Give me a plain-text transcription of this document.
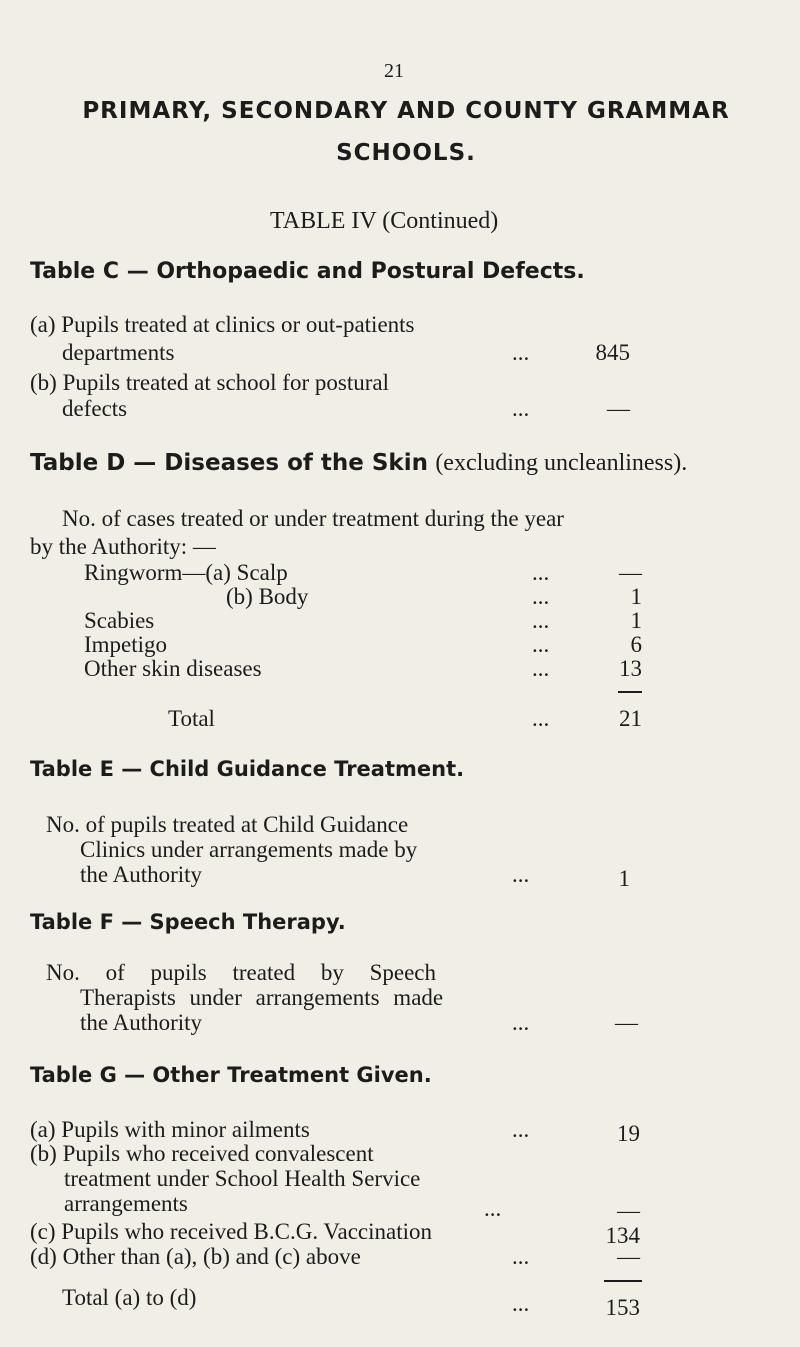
21
PRIMARY, SECONDARY AND COUNTY GRAMMAR
SCHOOLS.
TABLE IV (Continued)
Table C — Orthopaedic and Postural Defects.
(a) Pupils treated at clinics or out-patients
departments	...	845
(b) Pupils treated at school for postural
defects	...	—
Table D — Diseases of the Skin (excluding uncleanliness).
No. of cases treated or under treatment during the year
by the Authority: —
Ringworm—(a) Scalp	...	—
(b) Body	...	1
Scabies	...	1
Impetigo	...	6
Other skin diseases	...	13
Total	...	21
Table E — Child Guidance Treatment.
No. of pupils treated at Child Guidance
Clinics under arrangements made by
the Authority	...	1
Table F — Speech Therapy.
No. of pupils treated by Speech
Therapists under arrangements made
the Authority	...	—
Table G — Other Treatment Given.
(a) Pupils with minor ailments	...	19
(b) Pupils who received convalescent
treatment under School Health Service
arrangements	...	—
(c) Pupils who received B.C.G. Vaccination	134
(d) Other than (a), (b) and (c) above	...	—
Total (a) to (d)	...	153
